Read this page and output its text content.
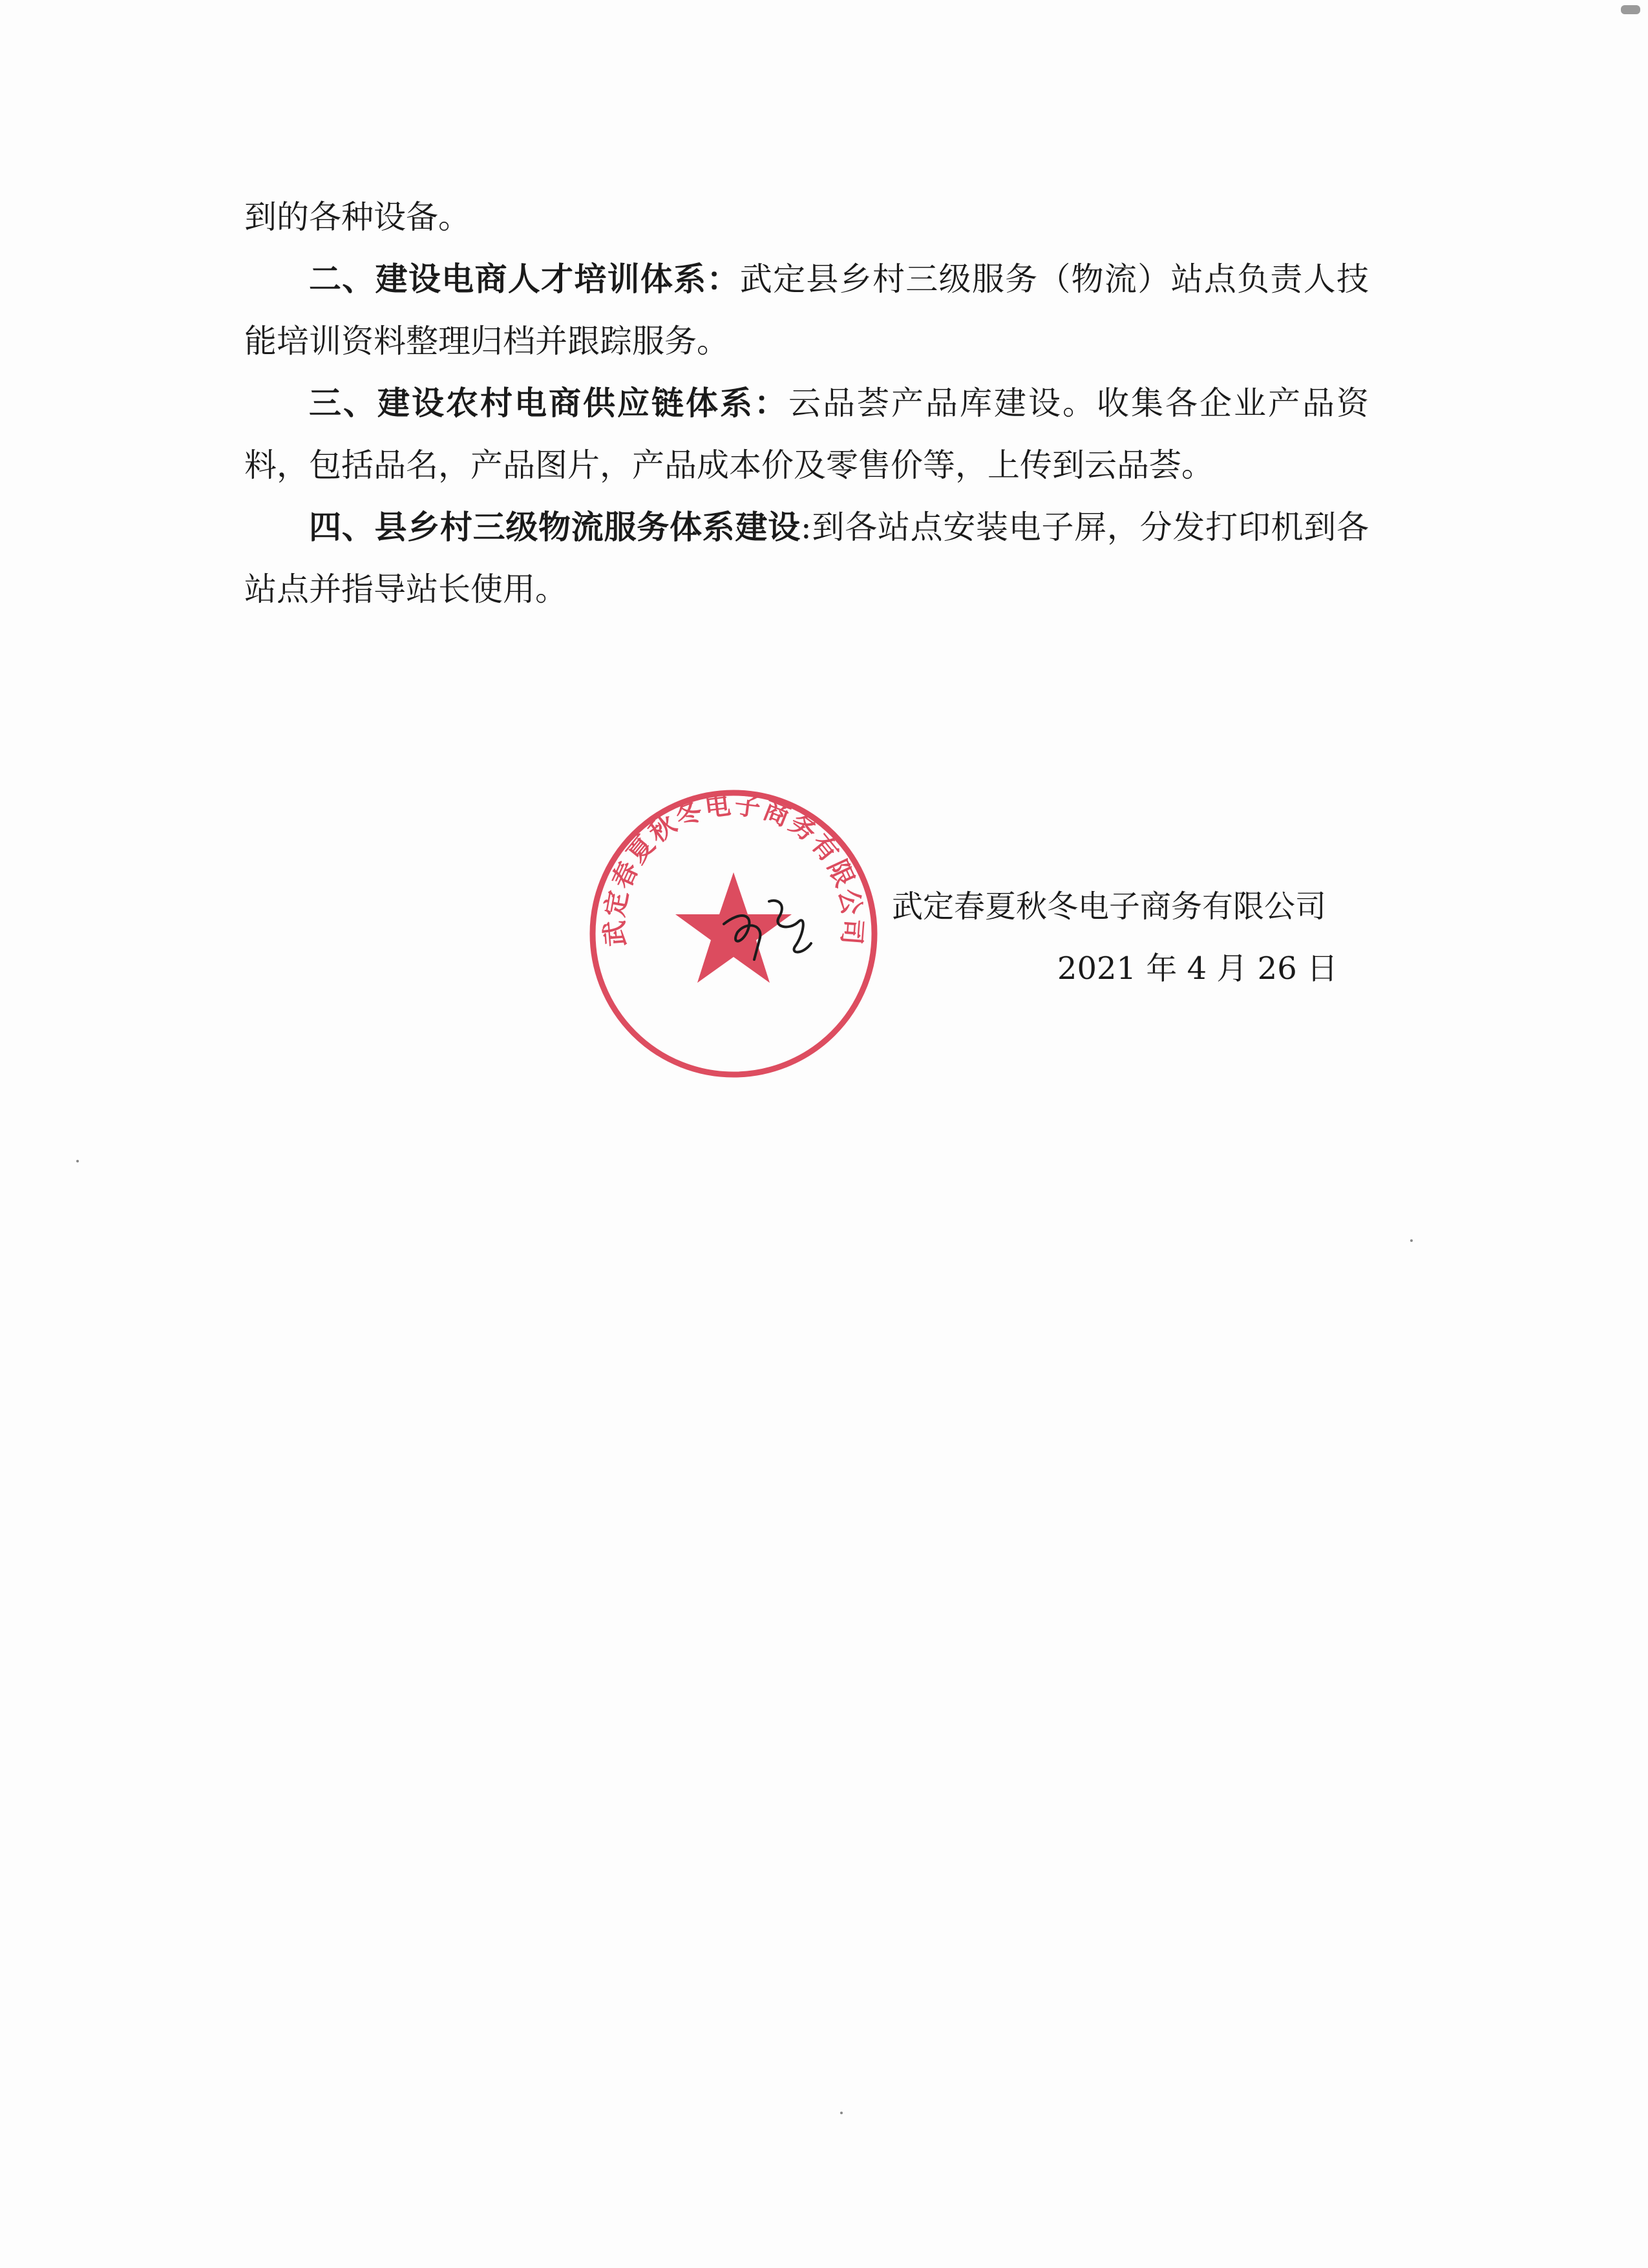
到的各种设备。

二、建设电商人才培训体系：武定县乡村三级服务（物流）站点负责人技能培训资料整理归档并跟踪服务。

三、建设农村电商供应链体系：云品荟产品库建设。收集各企业产品资料，包括品名，产品图片，产品成本价及零售价等，上传到云品荟。

四、县乡村三级物流服务体系建设:到各站点安装电子屏，分发打印机到各站点并指导站长使用。

武定春夏秋冬电子商务有限公司
武定春夏秋冬电子商务有限公司
2021 年 4 月 26 日
